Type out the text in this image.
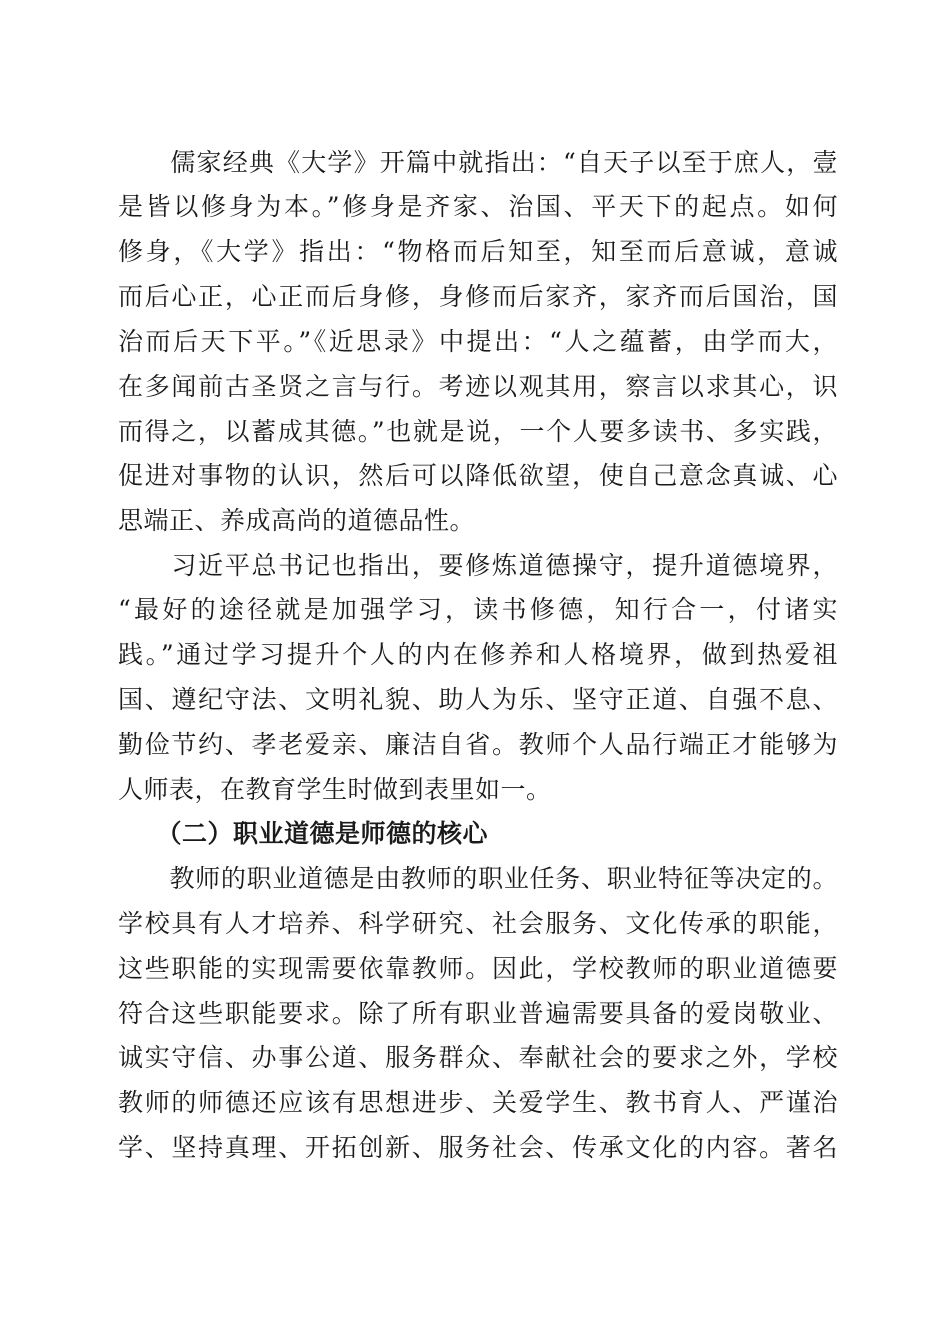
　　儒家经典《大学》开篇中就指出：“自天子以至于庶人，壹
是皆以修身为本。”修身是齐家、治国、平天下的起点。如何
修身，《大学》指出：“物格而后知至，知至而后意诚，意诚
而后心正，心正而后身修，身修而后家齐，家齐而后国治，国
治而后天下平。”《近思录》中提出：“人之蕴蓄，由学而大，
在多闻前古圣贤之言与行。考迹以观其用，察言以求其心，识
而得之，以蓄成其德。”也就是说，一个人要多读书、多实践，
促进对事物的认识，然后可以降低欲望，使自己意念真诚、心
思端正、养成高尚的道德品性。
　　习近平总书记也指出，要修炼道德操守，提升道德境界，
“最好的途径就是加强学习，读书修德，知行合一，付诸实
践。”通过学习提升个人的内在修养和人格境界，做到热爱祖
国、遵纪守法、文明礼貌、助人为乐、坚守正道、自强不息、
勤俭节约、孝老爱亲、廉洁自省。教师个人品行端正才能够为
人师表，在教育学生时做到表里如一。
　　（二）职业道德是师德的核心
　　教师的职业道德是由教师的职业任务、职业特征等决定的。
学校具有人才培养、科学研究、社会服务、文化传承的职能，
这些职能的实现需要依靠教师。因此，学校教师的职业道德要
符合这些职能要求。除了所有职业普遍需要具备的爱岗敬业、
诚实守信、办事公道、服务群众、奉献社会的要求之外，学校
教师的师德还应该有思想进步、关爱学生、教书育人、严谨治
学、坚持真理、开拓创新、服务社会、传承文化的内容。著名
